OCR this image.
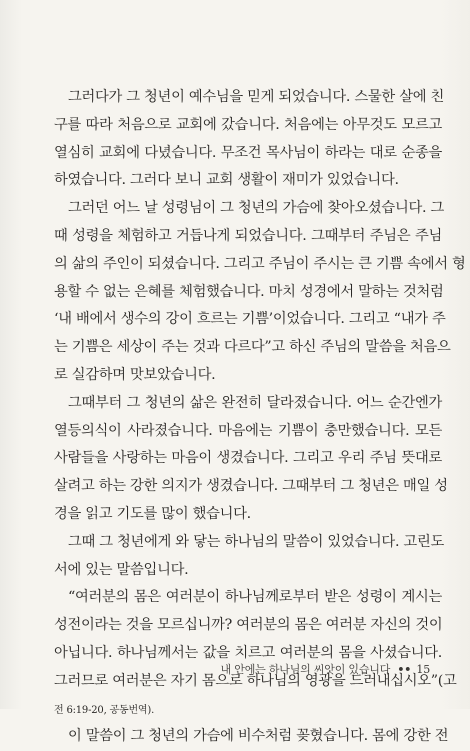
그러다가 그 청년이 예수님을 믿게 되었습니다. 스물한 살에 친
구를 따라 처음으로 교회에 갔습니다. 처음에는 아무것도 모르고
열심히 교회에 다녔습니다. 무조건 목사님이 하라는 대로 순종을
하였습니다. 그러다 보니 교회 생활이 재미가 있었습니다.
그러던 어느 날 성령님이 그 청년의 가슴에 찾아오셨습니다. 그
때 성령을 체험하고 거듭나게 되었습니다. 그때부터 주님은 주님
의 삶의 주인이 되셨습니다. 그리고 주님이 주시는 큰 기쁨 속에서 형
용할 수 없는 은혜를 체험했습니다. 마치 성경에서 말하는 것처럼
‘내 배에서 생수의 강이 흐르는 기쁨’이었습니다. 그리고 “내가 주
는 기쁨은 세상이 주는 것과 다르다”고 하신 주님의 말씀을 처음으
로 실감하며 맛보았습니다.
그때부터 그 청년의 삶은 완전히 달라졌습니다. 어느 순간엔가
열등의식이 사라졌습니다. 마음에는 기쁨이 충만했습니다. 모든
사람들을 사랑하는 마음이 생겼습니다. 그리고 우리 주님 뜻대로
살려고 하는 강한 의지가 생겼습니다. 그때부터 그 청년은 매일 성
경을 읽고 기도를 많이 했습니다.
그때 그 청년에게 와 닿는 하나님의 말씀이 있었습니다. 고린도
서에 있는 말씀입니다.
“여러분의 몸은 여러분이 하나님께로부터 받은 성령이 계시는
성전이라는 것을 모르십니까? 여러분의 몸은 여러분 자신의 것이
아닙니다. 하나님께서는 값을 치르고 여러분의 몸을 사셨습니다.
그러므로 여러분은 자기 몸으로 하나님의 영광을 드러내십시오”(고
전 6:19-20, 공동번역).
이 말씀이 그 청년의 가슴에 비수처럼 꽂혔습니다. 몸에 강한 전
내 안에는 하나님의 씨앗이 있습니다 •• 15
